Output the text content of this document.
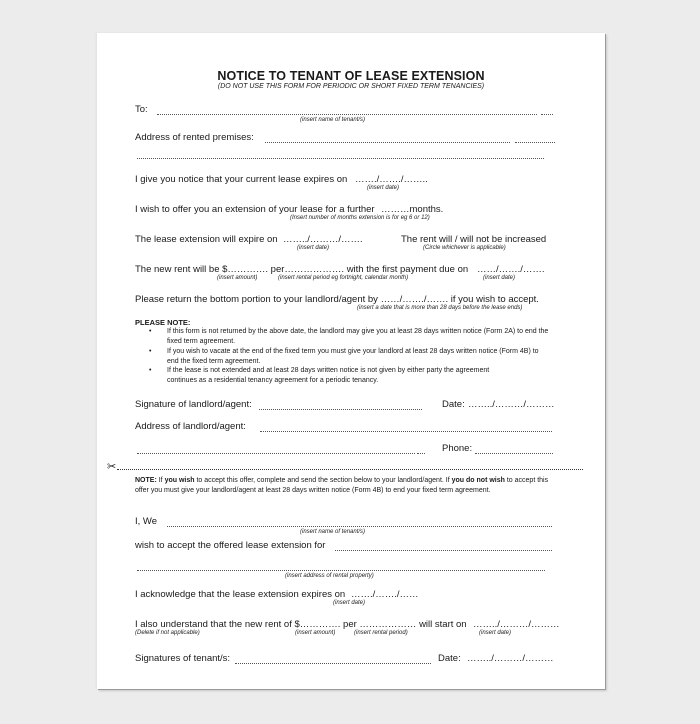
NOTICE TO TENANT OF LEASE EXTENSION
(DO NOT USE THIS FORM FOR PERIODIC OR SHORT FIXED TERM TENANCIES)
To:
(insert name of tenant/s)
Address of rented premises:
I give you notice that your current lease expires on ……./……./……..
(insert date)
I wish to offer you an extension of your lease for a further ………months.
(Insert number of months extension is for eg 6 or 12)
The lease extension will expire on ……../………/…….
(insert date)
The rent will / will not be increased
(Circle whichever is applicable)
The new rent will be $…………. per………………. with the first payment due on ……/……./…….
(insert amount)	(insert rental period eg fortnight, calendar month)	(insert date)
Please return the bottom portion to your landlord/agent by ……/……./……. if you wish to accept.
(insert a date that is more than 28 days before the lease ends)
PLEASE NOTE:
• If this form is not returned by the above date, the landlord may give you at least 28 days written notice (Form 2A) to end the fixed term agreement.
• If you wish to vacate at the end of the fixed term you must give your landlord at least 28 days written notice (Form 4B) to end the fixed term agreement.
• If the lease is not extended and at least 28 days written notice is not given by either party the agreement continues as a residential tenancy agreement for a periodic tenancy.
Signature of landlord/agent:	Date: ……../………/………
Address of landlord/agent:
Phone:
✂
NOTE: If you wish to accept this offer, complete and send the section below to your landlord/agent. If you do not wish to accept this offer you must give your landlord/agent at least 28 days written notice (Form 4B) to end your fixed term agreement.
I, We
(insert name of tenant/s)
wish to accept the offered lease extension for
(insert address of rental property)
I acknowledge that the lease extension expires on ……./……./……
(insert date)
I also understand that the new rent of $…………. per ……………… will start on ……../………/………
(Delete if not applicable)	(insert amount)	(insert rental period)	(insert date)
Signatures of tenant/s:	Date: ……../………/………
